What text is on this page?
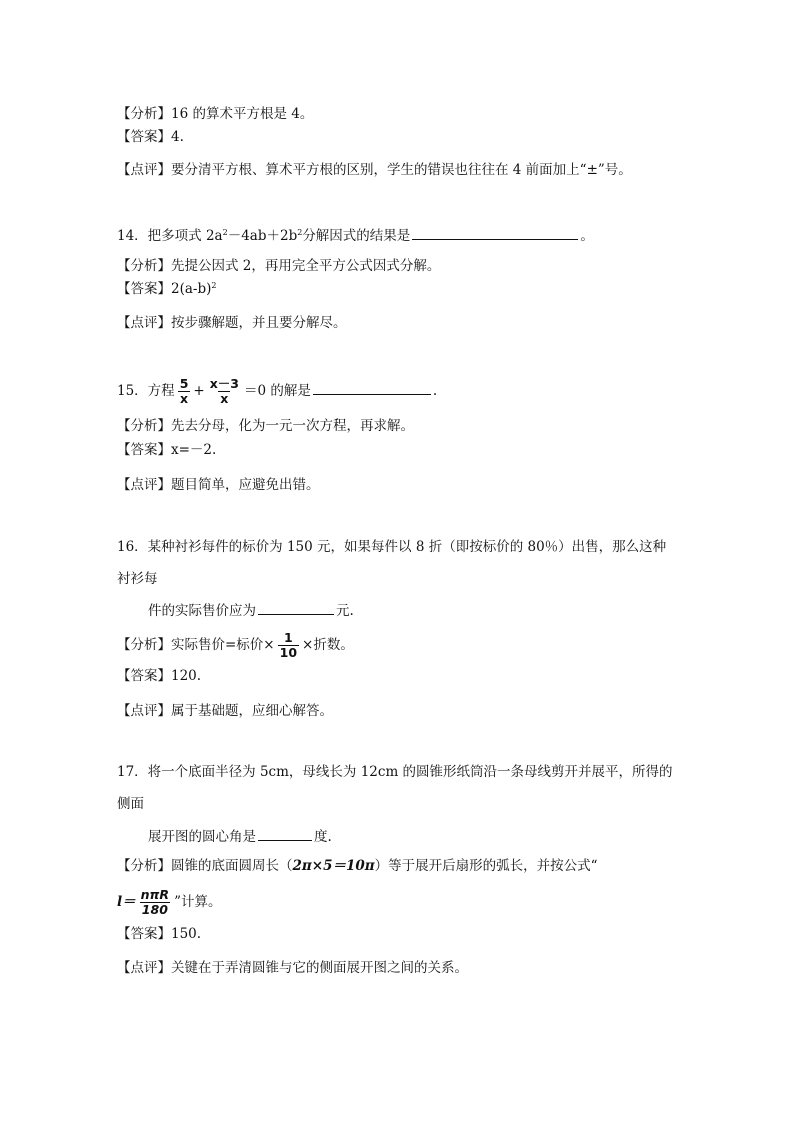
【分析】16 的算术平方根是 4。
【答案】4.
【点评】要分清平方根、算术平方根的区别，学生的错误也往往在 4 前面加上“±”号。
14．把多项式 $2a^2-4ab+2b^2$分解因式的结果是	。
【分析】先提公因式 2，再用完全平方公式因式分解。
【答案】$2(a-b)^2$
【点评】按步骤解题，并且要分解尽。
15．方程 $\frac{5}{x} + \frac{x-3}{x} =0$ 的解是	.
【分析】先去分母，化为一元一次方程，再求解。
【答案】x=－2.
【点评】题目简单，应避免出错。
16．某种衬衫每件的标价为 150 元，如果每件以 8 折（即按标价的 80％）出售，那么这种
衬衫每
件的实际售价应为	元.
【分析】实际售价=标价× $\frac{1}{10}$ ×折数。
【答案】120.
【点评】属于基础题，应细心解答。
17．将一个底面半径为 5cm，母线长为 12cm 的圆锥形纸筒沿一条母线剪开并展平，所得的
侧面
展开图的圆心角是	度.
【分析】圆锥的底面圆周长（2π×5＝10π）等于展开后扇形的弧长，并按公式“
$l= \frac{\text{nπR}}{180}$ ”计算。
【答案】150.
【点评】关键在于弄清圆锥与它的侧面展开图之间的关系。
